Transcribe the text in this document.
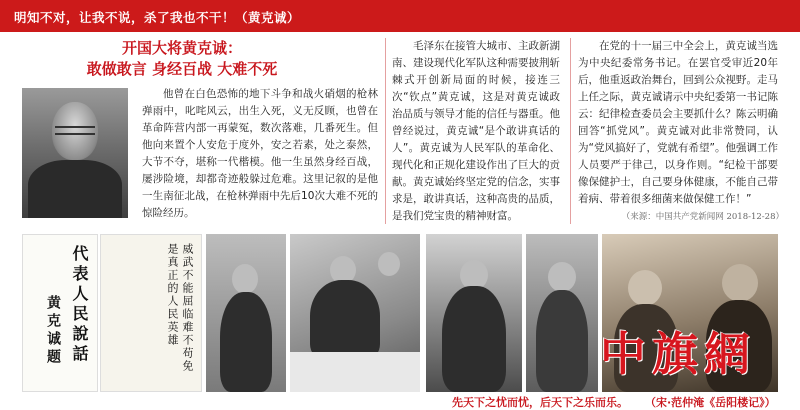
明知不对，让我不说，杀了我也不干！（黄克诚）
开国大将黄克诚：
敢做敢言 身经百战 大难不死

他曾在白色恐怖的地下斗争和战火硝烟的枪林弹雨中，叱咤风云，出生入死，义无反顾，也曾在革命阵营内部一再蒙冤，数次落难，几番死生。但他向来置个人安危于度外，安之若素，处之泰然，大节不夺，堪称一代楷模。他一生虽然身经百战，屡涉险境，却都奇迹般躲过危难。这里记叙的是他一生南征北战，在枪林弹雨中先后10次大难不死的惊险经历。

毛泽东在接管大城市、主政新湖南、建设现代化军队这种需要披荆斩棘式开创新局面的时候，接连三次“钦点”黄克诚，这是对黄克诚政治品质与领导才能的信任与器重。他曾经说过，黄克诚“是个敢讲真话的人”。黄克诚为人民军队的革命化、现代化和正规化建设作出了巨大的贡献。黄克诚始终坚定党的信念，实事求是，敢讲真话，这种高贵的品质，是我们党宝贵的精神财富。

在党的十一届三中全会上，黄克诚当选为中央纪委常务书记。在罢官受审近20年后，他重返政治舞台，回到公众视野。走马上任之际，黄克诚请示中央纪委第一书记陈云：纪律检查委员会主要抓什么？陈云明确回答“抓党风”。黄克诚对此非常赞同，认为“党风搞好了，党就有希望”。他强调工作人员要严于律己，以身作则。“纪检干部要像保健护士，自己要身体健康，不能自己带着病、带着很多细菌来做保健工作！”

（来源：中国共产党新闻网 2018-12-28）
代表人民說話
黄克诚题	威武不能屈临难不苟免是真正的人民英雄
先天下之忧而忧，后天下之乐而乐。 （宋·范仲淹《岳阳楼记》）
中旗網
